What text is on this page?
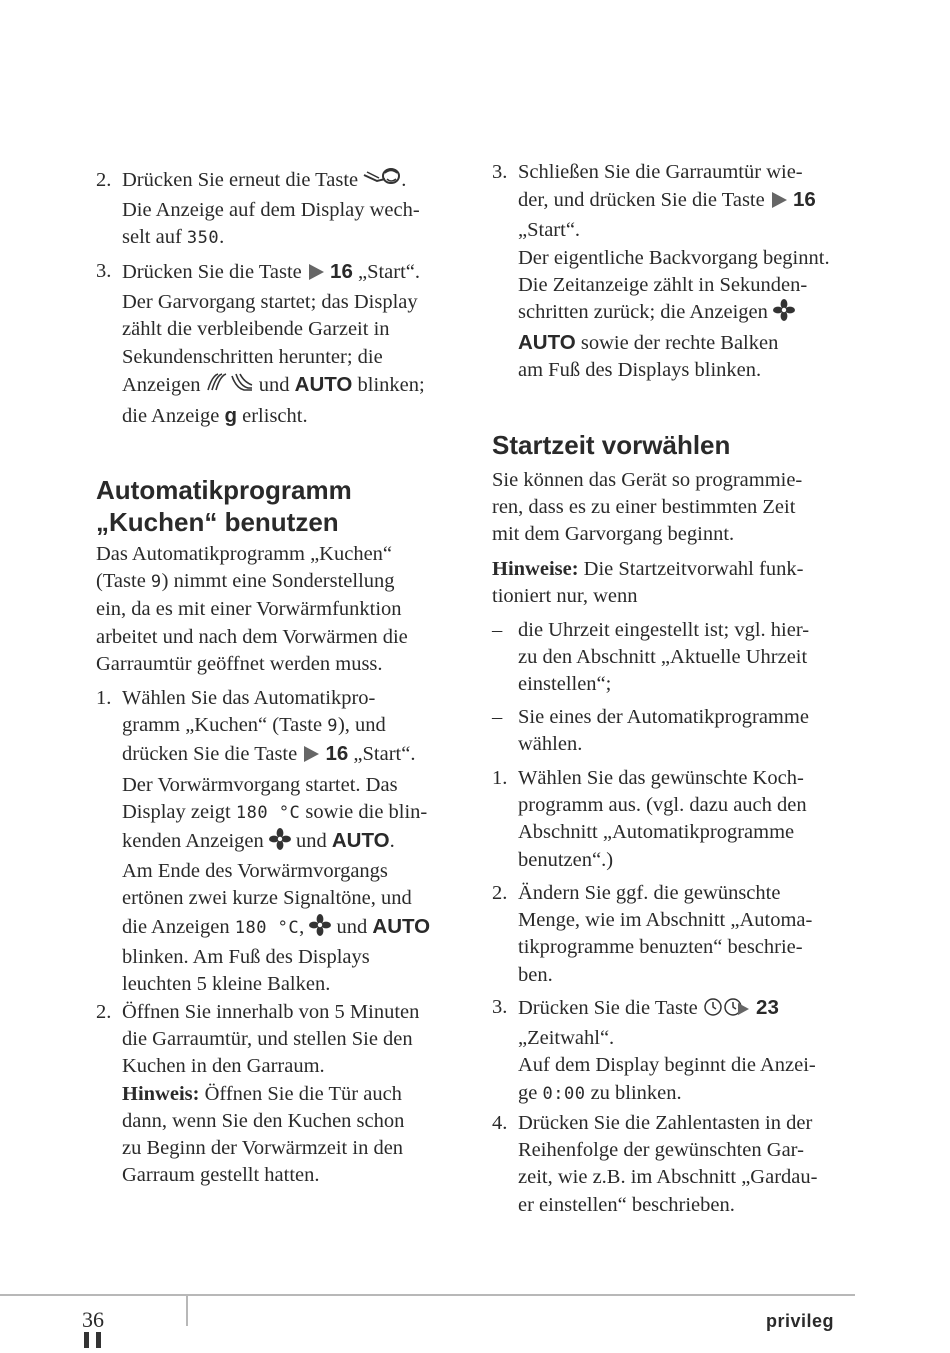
2. Drücken Sie erneut die Taste .
Die Anzeige auf dem Display wech-
selt auf 350.
3. Drücken Sie die Taste  16 „Start“.
Der Garvorgang startet; das Display
zählt die verbleibende Garzeit in
Sekundenschritten herunter; die
Anzeigen  und AUTO blinken;
die Anzeige g erlischt.
Automatikprogramm
„Kuchen“ benutzen
Das Automatikprogramm „Kuchen“
(Taste 9) nimmt eine Sonderstellung
ein, da es mit einer Vorwärmfunktion
arbeitet und nach dem Vorwärmen die
Garraumtür geöffnet werden muss.
1. Wählen Sie das Automatikpro-
gramm „Kuchen“ (Taste 9), und
drücken Sie die Taste  16 „Start“.
Der Vorwärmvorgang startet. Das
Display zeigt 180 °C sowie die blin-
kenden Anzeigen  und AUTO.
Am Ende des Vorwärmvorgangs
ertönen zwei kurze Signaltöne, und
die Anzeigen 180 °C,  und AUTO
blinken. Am Fuß des Displays
leuchten 5 kleine Balken.
2. Öffnen Sie innerhalb von 5 Minuten
die Garraumtür, und stellen Sie den
Kuchen in den Garraum.
Hinweis: Öffnen Sie die Tür auch
dann, wenn Sie den Kuchen schon
zu Beginn der Vorwärmzeit in den
Garraum gestellt hatten.
3. Schließen Sie die Garraumtür wie-
der, und drücken Sie die Taste  16
„Start“.
Der eigentliche Backvorgang beginnt.
Die Zeitanzeige zählt in Sekunden-
schritten zurück; die Anzeigen
AUTO sowie der rechte Balken
am Fuß des Displays blinken.
Startzeit vorwählen
Sie können das Gerät so programmie-
ren, dass es zu einer bestimmten Zeit
mit dem Garvorgang beginnt.
Hinweise: Die Startzeitvorwahl funk-
tioniert nur, wenn
– die Uhrzeit eingestellt ist; vgl. hier-
zu den Abschnitt „Aktuelle Uhrzeit
einstellen“;
– Sie eines der Automatikprogramme
wählen.
1. Wählen Sie das gewünschte Koch-
programm aus. (vgl. dazu auch den
Abschnitt „Automatikprogramme
benutzen“.)
2. Ändern Sie ggf. die gewünschte
Menge, wie im Abschnitt „Automa-
tikprogramme benuzten“ beschrie-
ben.
3. Drücken Sie die Taste	23
„Zeitwahl“.
Auf dem Display beginnt die Anzei-
ge 0:00 zu blinken.
4. Drücken Sie die Zahlentasten in der
Reihenfolge der gewünschten Gar-
zeit, wie z.B. im Abschnitt „Gardau-
er einstellen“ beschrieben.
36	privileg
